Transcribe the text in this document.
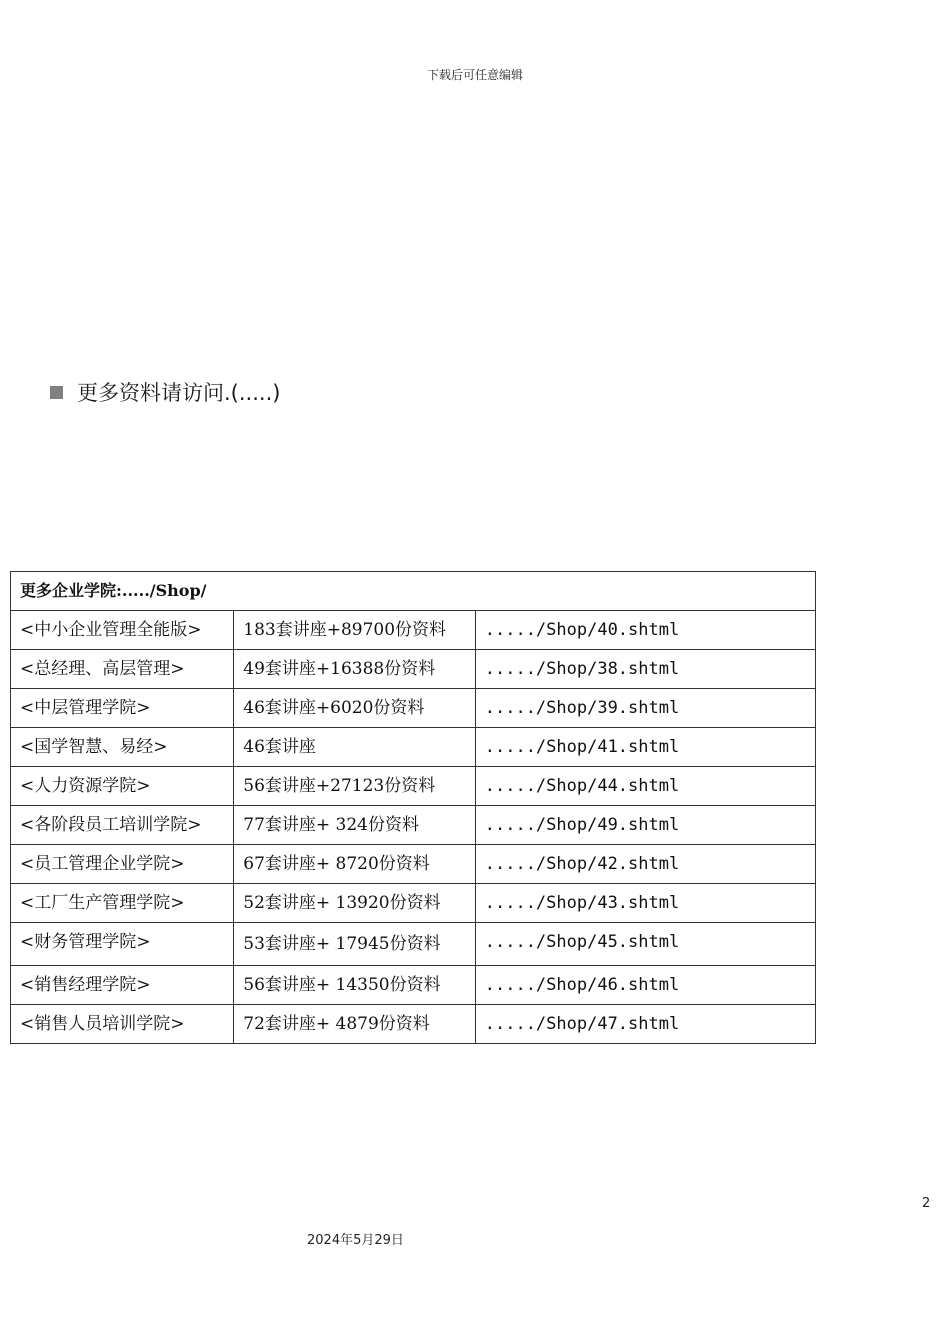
下载后可任意编辑
更多资料请访问.(.....)
更多企业学院:...../Shop/		
<中小企业管理全能版>	183套讲座+89700份资料	...../Shop/40.shtml
<总经理、高层管理>	49套讲座+16388份资料	...../Shop/38.shtml
<中层管理学院>	46套讲座+6020份资料	...../Shop/39.shtml
<国学智慧、易经>	46套讲座	...../Shop/41.shtml
<人力资源学院>	56套讲座+27123份资料	...../Shop/44.shtml
<各阶段员工培训学院>	77套讲座+ 324份资料	...../Shop/49.shtml
<员工管理企业学院>	67套讲座+ 8720份资料	...../Shop/42.shtml
<工厂生产管理学院>	52套讲座+ 13920份资料	...../Shop/43.shtml
<财务管理学院>	53套讲座+ 17945份资料	...../Shop/45.shtml
<销售经理学院>	56套讲座+ 14350份资料	...../Shop/46.shtml
<销售人员培训学院>	72套讲座+ 4879份资料	...../Shop/47.shtml
2
2024年5月29日
